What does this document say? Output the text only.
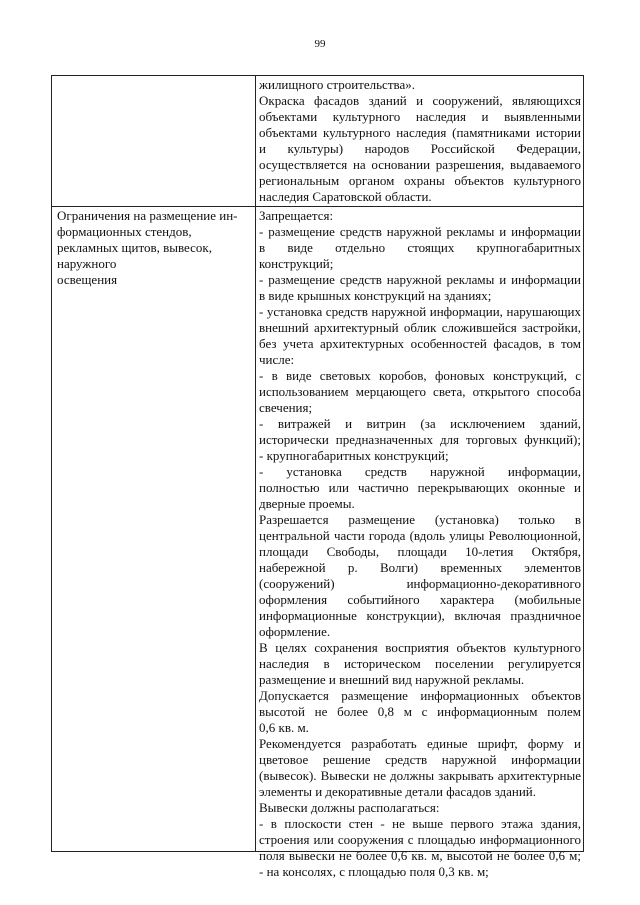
99
жилищного строительства».
Окраска фасадов зданий и сооружений, являющихся
объектами культурного наследия и выявленными
объектами культурного наследия (памятниками истории
и культуры) народов Российской Федерации,
осуществляется на основании разрешения, выдаваемого
региональным органом охраны объектов культурного
наследия Саратовской области.
Ограничения на размещение ин-
формационных стендов,
рекламных щитов, вывесок,
наружного
освещения
Запрещается:
- размещение средств наружной рекламы и информации
в виде отдельно стоящих крупногабаритных
конструкций;
- размещение средств наружной рекламы и информации
в виде крышных конструкций на зданиях;
- установка средств наружной информации, нарушающих
внешний архитектурный облик сложившейся застройки,
без учета архитектурных особенностей фасадов, в том
числе:
- в виде световых коробов, фоновых конструкций, с
использованием мерцающего света, открытого способа
свечения;
- витражей и витрин (за исключением зданий,
исторически предназначенных для торговых функций);
- крупногабаритных конструкций;
- установка средств наружной информации,
полностью или частично перекрывающих оконные и
дверные проемы.
Разрешается размещение (установка) только в
центральной части города (вдоль улицы Революционной,
площади Свободы, площади 10-летия Октября,
набережной р. Волги) временных элементов
(сооружений) информационно-декоративного
оформления событийного характера (мобильные
информационные конструкции), включая праздничное
оформление.
В целях сохранения восприятия объектов культурного
наследия в историческом поселении регулируется
размещение и внешний вид наружной рекламы.
Допускается размещение информационных объектов
высотой не более 0,8 м с информационным полем
0,6 кв. м.
Рекомендуется разработать единые шрифт, форму и
цветовое решение средств наружной информации
(вывесок). Вывески не должны закрывать архитектурные
элементы и декоративные детали фасадов зданий.
Вывески должны располагаться:
- в плоскости стен - не выше первого этажа здания,
строения или сооружения с площадью информационного
поля вывески не более 0,6 кв. м, высотой не более 0,6 м;
- на консолях, с площадью поля 0,3 кв. м;
